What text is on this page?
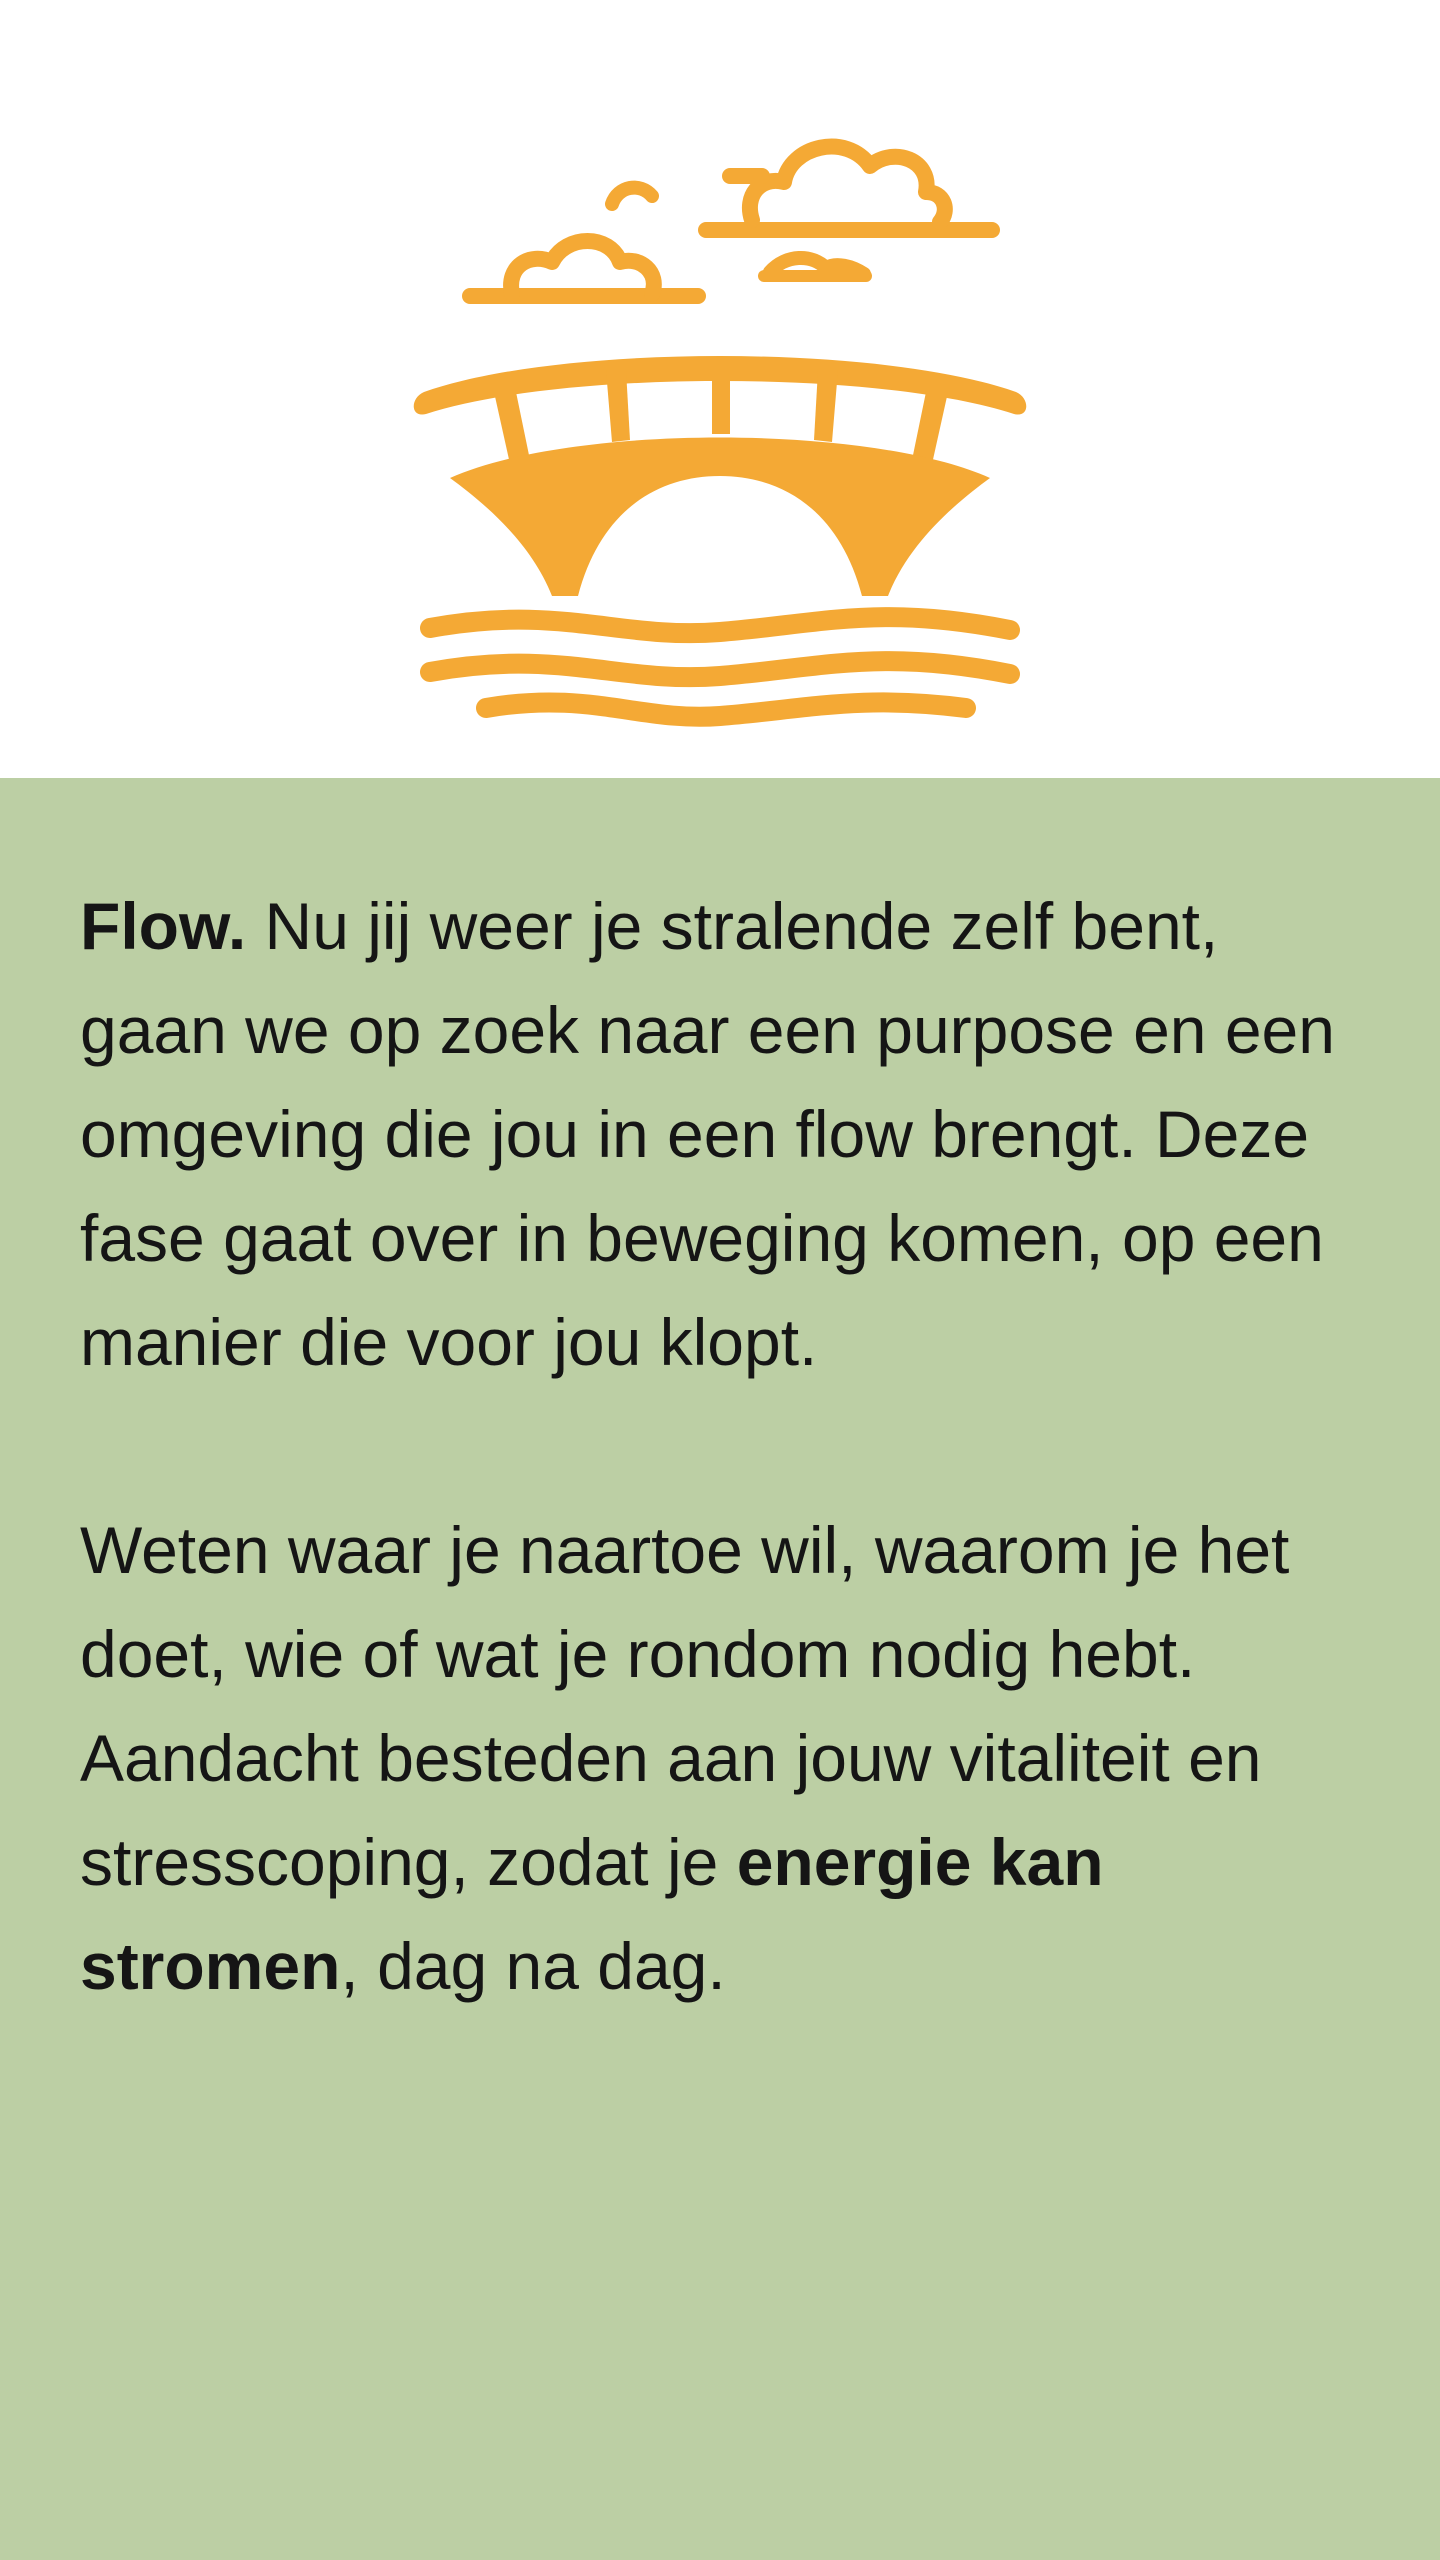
Flow. Nu jij weer je stralende zelf bent, gaan we op zoek naar een purpose en een omgeving die jou in een flow brengt. Deze fase gaat over in beweging komen, op een manier die voor jou klopt.

Weten waar je naartoe wil, waarom je het doet, wie of wat je rondom nodig hebt. Aandacht besteden aan jouw vitaliteit en stresscoping, zodat je energie kan stromen, dag na dag.
